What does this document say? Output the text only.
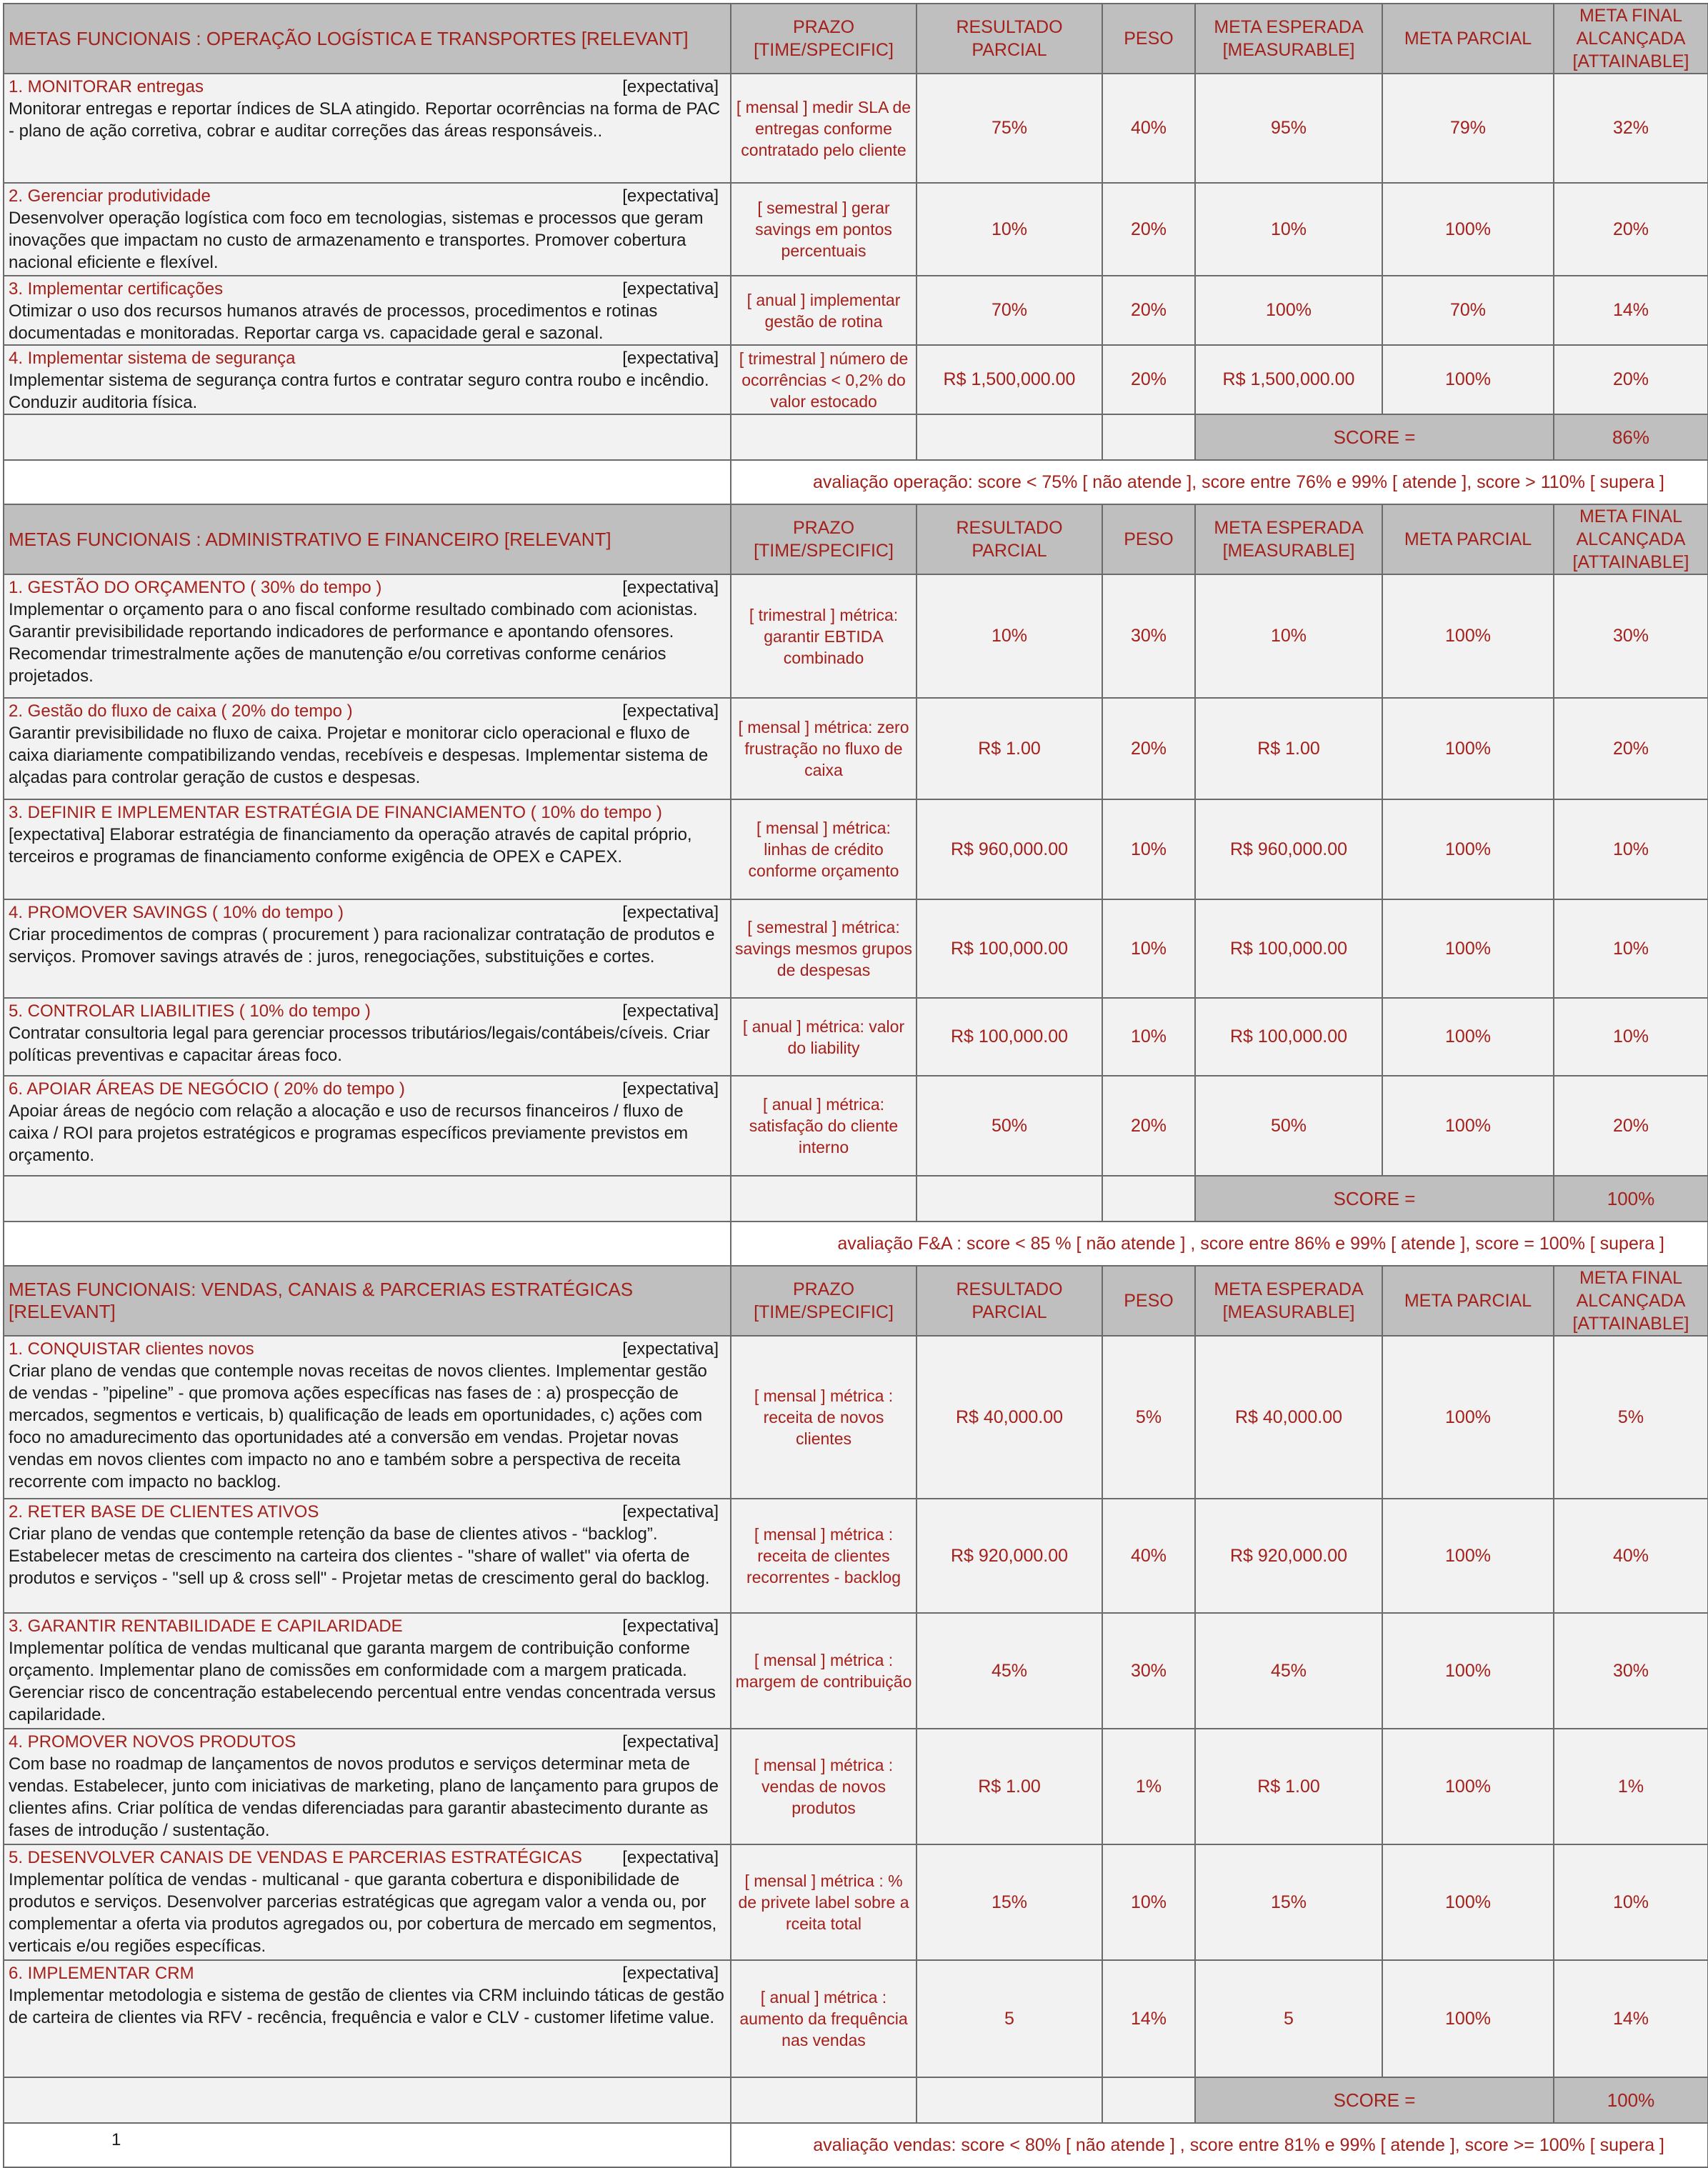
METAS FUNCIONAIS : OPERAÇÃO LOGÍSTICA E TRANSPORTES [RELEVANT]	PRAZO [TIME/SPECIFIC]	RESULTADO PARCIAL	PESO	META ESPERADA [MEASURABLE]	META PARCIAL	META FINAL ALCANÇADA [ATTAINABLE]

1. MONITORAR entregas [expectativa]
Monitorar entregas e reportar índices de SLA atingido. Reportar ocorrências na forma de PAC - plano de ação corretiva, cobrar e auditar correções das áreas responsáveis..	[ mensal ] medir SLA de entregas conforme contratado pelo cliente	75%	40%	95%	79%	32%

2. Gerenciar produtividade [expectativa]
Desenvolver operação logística com foco em tecnologias, sistemas e processos que geram inovações que impactam no custo de armazenamento e transportes. Promover cobertura nacional eficiente e flexível.	[ semestral ] gerar savings em pontos percentuais	10%	20%	10%	100%	20%

3. Implementar certificações [expectativa]
Otimizar o uso dos recursos humanos através de processos, procedimentos e rotinas documentadas e monitoradas. Reportar carga vs. capacidade geral e sazonal.	[ anual ] implementar gestão de rotina	70%	20%	100%	70%	14%

4. Implementar sistema de segurança [expectativa]
Implementar sistema de segurança contra furtos e contratar seguro contra roubo e incêndio. Conduzir auditoria física.	[ trimestral ] número de ocorrências < 0,2% do valor estocado	R$ 1,500,000.00	20%	R$ 1,500,000.00	100%	20%
				SCORE =		86%
	avaliação operação: score < 75% [ não atende ], score entre 76% e 99% [ atende ], score > 110% [ supera ]					
METAS FUNCIONAIS : ADMINISTRATIVO E FINANCEIRO [RELEVANT]	PRAZO [TIME/SPECIFIC]	RESULTADO PARCIAL	PESO	META ESPERADA [MEASURABLE]	META PARCIAL	META FINAL ALCANÇADA [ATTAINABLE]

1. GESTÃO DO ORÇAMENTO ( 30% do tempo ) [expectativa]
Implementar o orçamento para o ano fiscal conforme resultado combinado com acionistas. Garantir previsibilidade reportando indicadores de performance e apontando ofensores. Recomendar trimestralmente ações de manutenção e/ou corretivas conforme cenários projetados.	[ trimestral ] métrica: garantir EBTIDA combinado	10%	30%	10%	100%	30%

2. Gestão do fluxo de caixa ( 20% do tempo ) [expectativa]
Garantir previsibilidade no fluxo de caixa. Projetar e monitorar ciclo operacional e fluxo de caixa diariamente compatibilizando vendas, recebíveis e despesas. Implementar sistema de alçadas para controlar geração de custos e despesas.	[ mensal ] métrica: zero frustração no fluxo de caixa	R$ 1.00	20%	R$ 1.00	100%	20%

3. DEFINIR E IMPLEMENTAR ESTRATÉGIA DE FINANCIAMENTO ( 10% do tempo )
[expectativa] Elaborar estratégia de financiamento da operação através de capital próprio, terceiros e programas de financiamento conforme exigência de OPEX e CAPEX.	[ mensal ] métrica: linhas de crédito conforme orçamento	R$ 960,000.00	10%	R$ 960,000.00	100%	10%

4. PROMOVER SAVINGS ( 10% do tempo ) [expectativa]
Criar procedimentos de compras ( procurement ) para racionalizar contratação de produtos e serviços. Promover savings através de : juros, renegociações, substituições e cortes.	[ semestral ] métrica: savings mesmos grupos de despesas	R$ 100,000.00	10%	R$ 100,000.00	100%	10%

5. CONTROLAR LIABILITIES ( 10% do tempo ) [expectativa]
Contratar consultoria legal para gerenciar processos tributários/legais/contábeis/cíveis. Criar políticas preventivas e capacitar áreas foco.	[ anual ] métrica: valor do liability	R$ 100,000.00	10%	R$ 100,000.00	100%	10%

6. APOIAR ÁREAS DE NEGÓCIO ( 20% do tempo ) [expectativa]
Apoiar áreas de negócio com relação a alocação e uso de recursos financeiros / fluxo de caixa / ROI para projetos estratégicos e programas específicos previamente previstos em orçamento.	[ anual ] métrica: satisfação do cliente interno	50%	20%	50%	100%	20%
				SCORE =		100%
	avaliação F&A : score < 85 % [ não atende ] , score entre 86% e 99% [ atende ], score = 100% [ supera ]					
METAS FUNCIONAIS: VENDAS, CANAIS & PARCERIAS ESTRATÉGICAS [RELEVANT]	PRAZO [TIME/SPECIFIC]	RESULTADO PARCIAL	PESO	META ESPERADA [MEASURABLE]	META PARCIAL	META FINAL ALCANÇADA [ATTAINABLE]

1. CONQUISTAR clientes novos [expectativa]
Criar plano de vendas que contemple novas receitas de novos clientes. Implementar gestão de vendas - ”pipeline” - que promova ações específicas nas fases de : a) prospecção de mercados, segmentos e verticais, b) qualificação de leads em oportunidades, c) ações com foco no amadurecimento das oportunidades até a conversão em vendas. Projetar novas vendas em novos clientes com impacto no ano e também sobre a perspectiva de receita recorrente com impacto no backlog.	[ mensal ] métrica : receita de novos clientes	R$ 40,000.00	5%	R$ 40,000.00	100%	5%

2. RETER BASE DE CLIENTES ATIVOS [expectativa]
Criar plano de vendas que contemple retenção da base de clientes ativos - “backlog”. Estabelecer metas de crescimento na carteira dos clientes - "share of wallet" via oferta de produtos e serviços - "sell up & cross sell" - Projetar metas de crescimento geral do backlog.	[ mensal ] métrica : receita de clientes recorrentes - backlog	R$ 920,000.00	40%	R$ 920,000.00	100%	40%

3. GARANTIR RENTABILIDADE E CAPILARIDADE [expectativa]
Implementar política de vendas multicanal que garanta margem de contribuição conforme orçamento. Implementar plano de comissões em conformidade com a margem praticada. Gerenciar risco de concentração estabelecendo percentual entre vendas concentrada versus capilaridade.	[ mensal ] métrica : margem de contribuição	45%	30%	45%	100%	30%

4. PROMOVER NOVOS PRODUTOS [expectativa]
Com base no roadmap de lançamentos de novos produtos e serviços determinar meta de vendas. Estabelecer, junto com iniciativas de marketing, plano de lançamento para grupos de clientes afins. Criar política de vendas diferenciadas para garantir abastecimento durante as fases de introdução / sustentação.	[ mensal ] métrica : vendas de novos produtos	R$ 1.00	1%	R$ 1.00	100%	1%

5. DESENVOLVER CANAIS DE VENDAS E PARCERIAS ESTRATÉGICAS [expectativa]
Implementar política de vendas - multicanal - que garanta cobertura e disponibilidade de produtos e serviços. Desenvolver parcerias estratégicas que agregam valor a venda ou, por complementar a oferta via produtos agregados ou, por cobertura de mercado em segmentos, verticais e/ou regiões específicas.	[ mensal ] métrica : % de privete label sobre a rceita total	15%	10%	15%	100%	10%

6. IMPLEMENTAR CRM [expectativa]
Implementar metodologia e sistema de gestão de clientes via CRM incluindo táticas de gestão de carteira de clientes via RFV - recência, frequência e valor e CLV - customer lifetime value.	[ anual ] métrica : aumento da frequência nas vendas	5	14%	5	100%	14%
				SCORE =		100%
	avaliação vendas: score < 80% [ não atende ] , score entre 81% e 99% [ atende ], score >= 100% [ supera ]					
1
